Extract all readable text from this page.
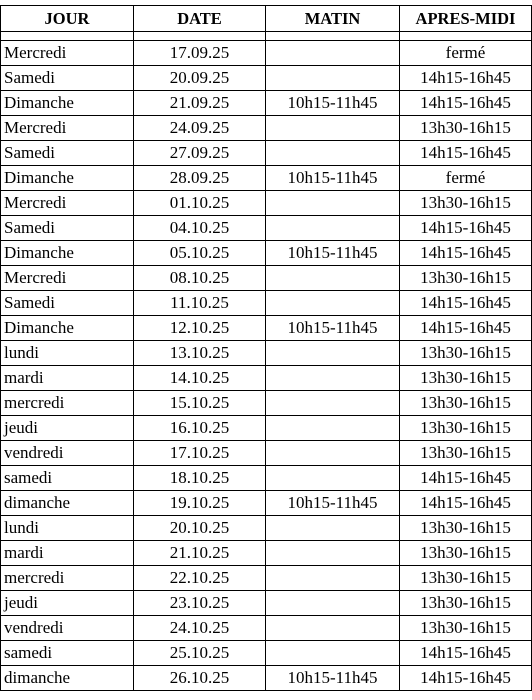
JOUR	DATE	MATIN	APRES-MIDI

Mercredi	17.09.25		fermé
Samedi	20.09.25		14h15-16h45
Dimanche	21.09.25	10h15-11h45	14h15-16h45
Mercredi	24.09.25		13h30-16h15
Samedi	27.09.25		14h15-16h45
Dimanche	28.09.25	10h15-11h45	fermé
Mercredi	01.10.25		13h30-16h15
Samedi	04.10.25		14h15-16h45
Dimanche	05.10.25	10h15-11h45	14h15-16h45
Mercredi	08.10.25		13h30-16h15
Samedi	11.10.25		14h15-16h45
Dimanche	12.10.25	10h15-11h45	14h15-16h45
lundi	13.10.25		13h30-16h15
mardi	14.10.25		13h30-16h15
mercredi	15.10.25		13h30-16h15
jeudi	16.10.25		13h30-16h15
vendredi	17.10.25		13h30-16h15
samedi	18.10.25		14h15-16h45
dimanche	19.10.25	10h15-11h45	14h15-16h45
lundi	20.10.25		13h30-16h15
mardi	21.10.25		13h30-16h15
mercredi	22.10.25		13h30-16h15
jeudi	23.10.25		13h30-16h15
vendredi	24.10.25		13h30-16h15
samedi	25.10.25		14h15-16h45
dimanche	26.10.25	10h15-11h45	14h15-16h45
